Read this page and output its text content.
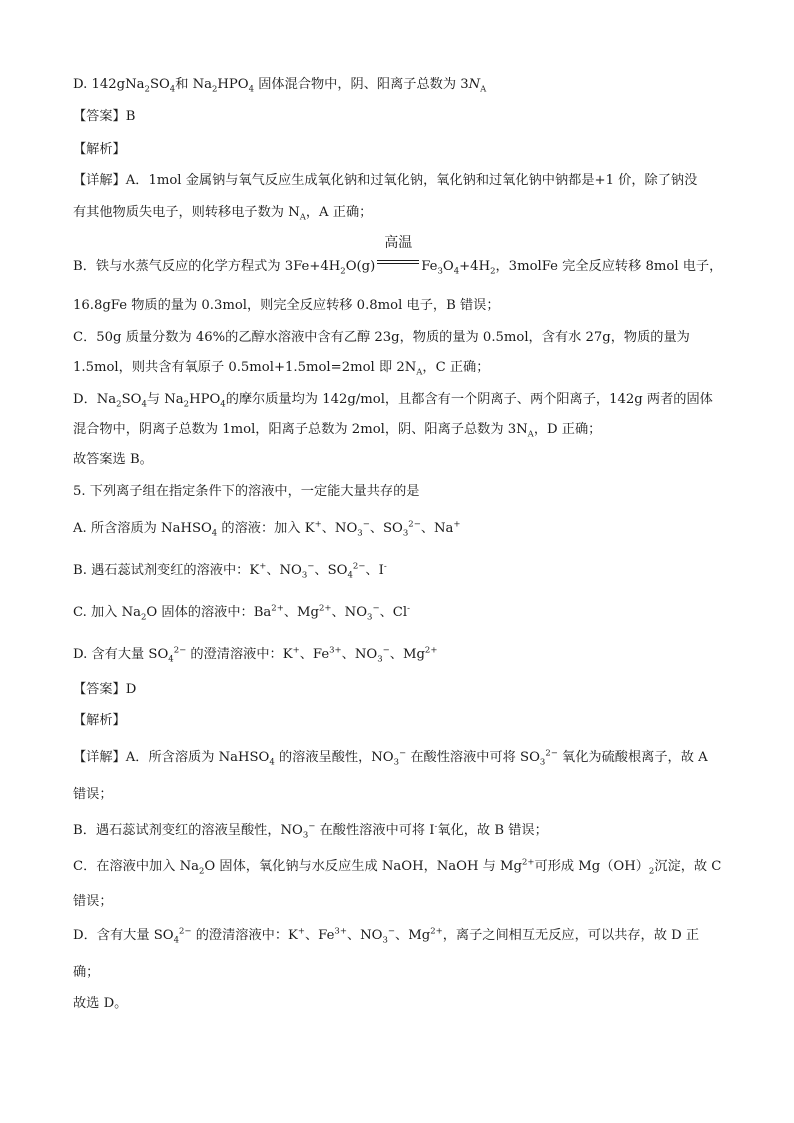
D. $142gNa_2SO_4$和 $Na_2HPO_4$ 固体混合物中，阴、阳离子总数为 $3N_A$
【答案】B
【解析】
【详解】A．1mol 金属钠与氧气反应生成氧化钠和过氧化钠，氧化钠和过氧化钠中钠都是+1 价，除了钠没
有其他物质失电子，则转移电子数为 $N_A$，A 正确；
B．铁与水蒸气反应的化学方程式为 $3Fe+4H_2O(g)$
高温
$Fe_3O_4+4H_2$，3molFe 完全反应转移 8mol 电子，
16.8gFe 物质的量为 0.3mol，则完全反应转移 0.8mol 电子，B 错误；
C．50g 质量分数为 46%的乙醇水溶液中含有乙醇 23g，物质的量为 0.5mol，含有水 27g，物质的量为
1.5mol，则共含有氧原子 0.5mol+1.5mol=2mol 即 $2N_A$，C 正确；
D．$Na_2SO_4$与 $Na_2HPO_4$的摩尔质量均为 142g/mol，且都含有一个阴离子、两个阳离子，142g 两者的固体
混合物中，阴离子总数为 1mol，阳离子总数为 2mol，阴、阳离子总数为 $3N_A$，D 正确；
故答案选 B。
5. 下列离子组在指定条件下的溶液中，一定能大量共存的是
A. 所含溶质为 NaHSO$_4$ 的溶液：加入 K+、$NO_3^-$、$SO_3^{2-}$、Na+
B. 遇石蕊试剂变红的溶液中：K+、$NO_3^-$、$SO_4^{2-}$、I-
C. 加入 $Na_2O$ 固体的溶液中：$Ba^{2+}$、$Mg^{2+}$、$NO_3^-$、Cl-
D. 含有大量 $SO_4^{2-}$ 的澄清溶液中：K+、$Fe^{3+}$、$NO_3^-$、$Mg^{2+}$
【答案】D
【解析】
【详解】A．所含溶质为 NaHSO$_4$ 的溶液呈酸性，$NO_3^-$ 在酸性溶液中可将 $SO_3^{2-}$ 氧化为硫酸根离子，故 A
错误；
B．遇石蕊试剂变红的溶液呈酸性，$NO_3^-$ 在酸性溶液中可将 I-氧化，故 B 错误；
C．在溶液中加入 $Na_2O$ 固体，氧化钠与水反应生成 NaOH，NaOH 与 $Mg^{2+}$可形成 $Mg(OH)_2$沉淀，故 C
错误；
D．含有大量 $SO_4^{2-}$ 的澄清溶液中：K+、$Fe^{3+}$、$NO_3^-$、$Mg^{2+}$，离子之间相互无反应，可以共存，故 D 正
确；
故选 D。
